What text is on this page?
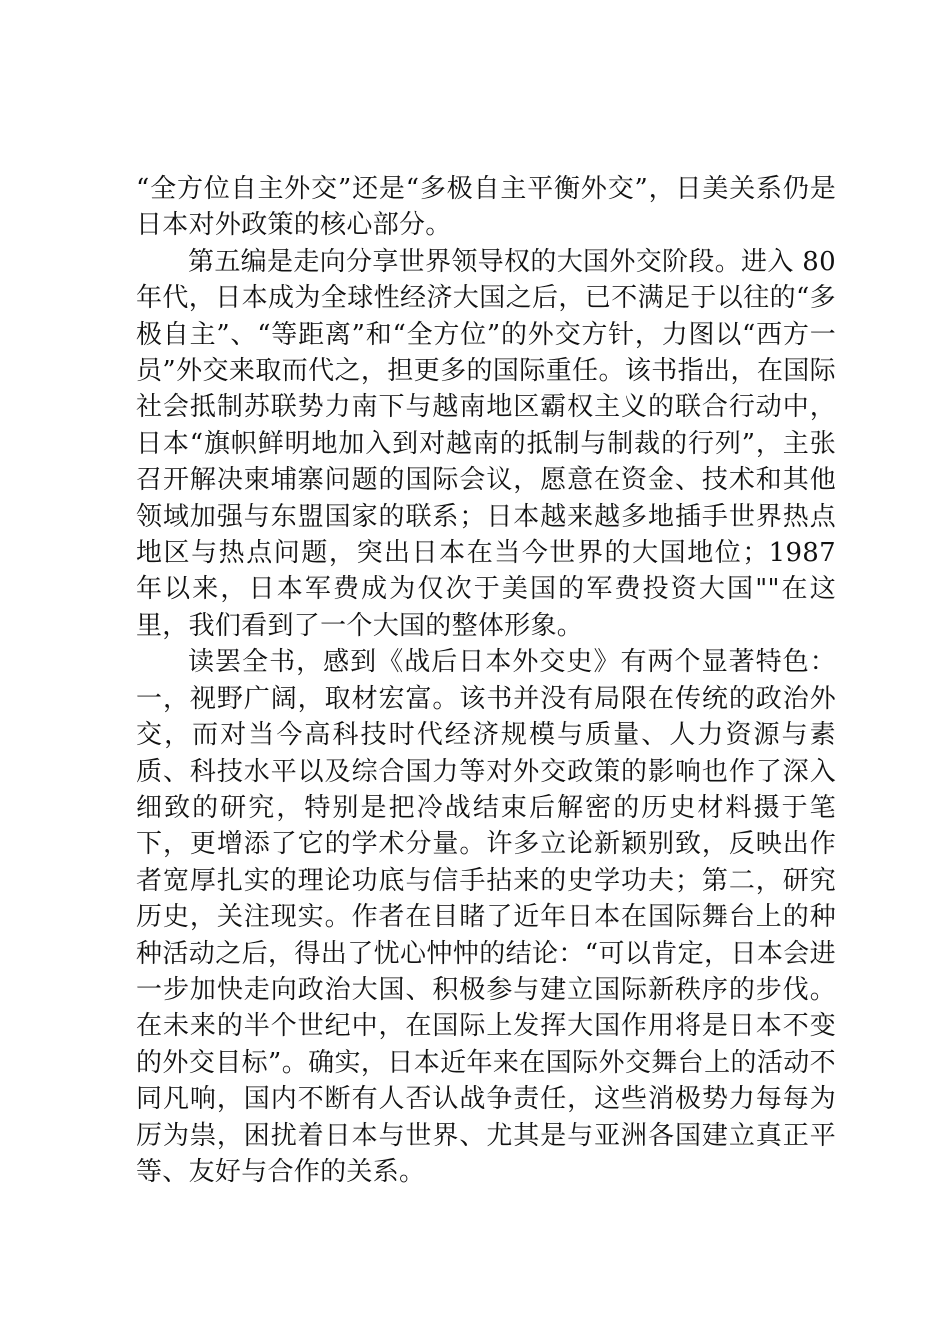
“全方位自主外交”还是“多极自主平衡外交”，日美关系仍是日本对外政策的核心部分。

第五编是走向分享世界领导权的大国外交阶段。进入 80 年代，日本成为全球性经济大国之后，已不满足于以往的“多极自主”、“等距离”和“全方位”的外交方针，力图以“西方一员”外交来取而代之，担更多的国际重任。该书指出，在国际社会抵制苏联势力南下与越南地区霸权主义的联合行动中，日本“旗帜鲜明地加入到对越南的抵制与制裁的行列”，主张召开解决柬埔寨问题的国际会议，愿意在资金、技术和其他领域加强与东盟国家的联系；日本越来越多地插手世界热点地区与热点问题，突出日本在当今世界的大国地位；1987 年以来，日本军费成为仅次于美国的军费投资大国""在这里，我们看到了一个大国的整体形象。

读罢全书，感到《战后日本外交史》有两个显著特色：一，视野广阔，取材宏富。该书并没有局限在传统的政治外交，而对当今高科技时代经济规模与质量、人力资源与素质、科技水平以及综合国力等对外交政策的影响也作了深入细致的研究，特别是把冷战结束后解密的历史材料摄于笔下，更增添了它的学术分量。许多立论新颖别致，反映出作者宽厚扎实的理论功底与信手拈来的史学功夫；第二，研究历史，关注现实。作者在目睹了近年日本在国际舞台上的种种活动之后，得出了忧心忡忡的结论：“可以肯定，日本会进一步加快走向政治大国、积极参与建立国际新秩序的步伐。在未来的半个世纪中，在国际上发挥大国作用将是日本不变的外交目标”。确实，日本近年来在国际外交舞台上的活动不同凡响，国内不断有人否认战争责任，这些消极势力每每为厉为祟，困扰着日本与世界、尤其是与亚洲各国建立真正平等、友好与合作的关系。
